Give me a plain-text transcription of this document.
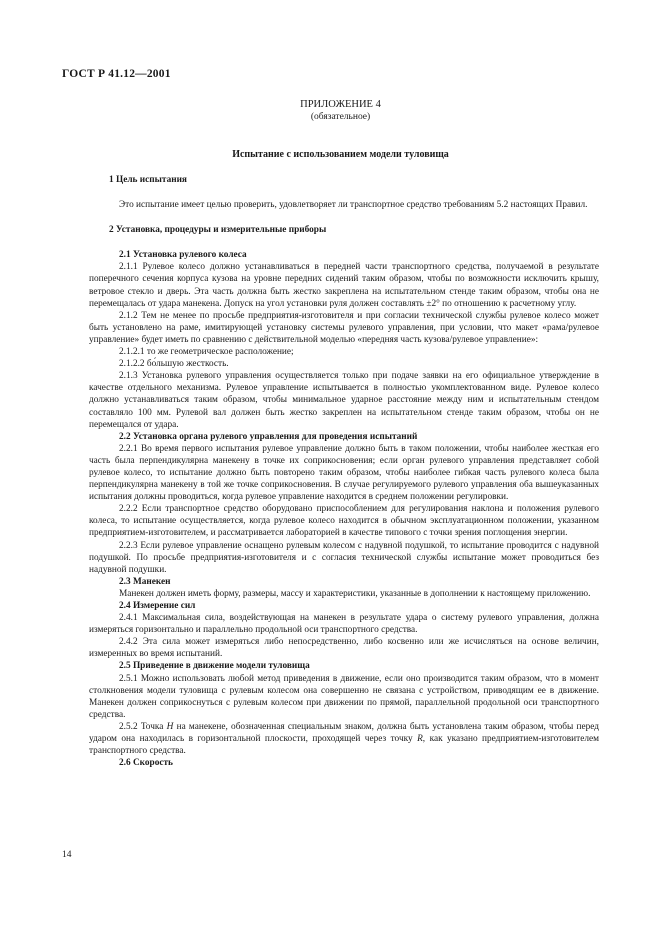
ГОСТ Р 41.12—2001
ПРИЛОЖЕНИЕ 4
(обязательное)
Испытание с использованием модели туловища

1 Цель испытания

Это испытание имеет целью проверить, удовлетворяет ли транспортное средство требованиям 5.2 настоящих Правил.

2 Установка, процедуры и измерительные приборы

2.1 Установка рулевого колеса

2.1.1 Рулевое колесо должно устанавливаться в передней части транспортного средства, получаемой в результате поперечного сечения корпуса кузова на уровне передних сидений таким образом, чтобы по возможности исключить крышу, ветровое стекло и дверь. Эта часть должна быть жестко закреплена на испытательном стенде таким образом, чтобы она не перемещалась от удара манекена. Допуск на угол установки руля должен составлять ±2° по отношению к расчетному углу.

2.1.2 Тем не менее по просьбе предприятия-изготовителя и при согласии технической службы рулевое колесо может быть установлено на раме, имитирующей установку системы рулевого управления, при условии, что макет «рама/рулевое управление» будет иметь по сравнению с действительной моделью «передняя часть кузова/рулевое управление»:

2.1.2.1 то же геометрическое расположение;

2.1.2.2 бо́льшую жесткость.

2.1.3 Установка рулевого управления осуществляется только при подаче заявки на его официальное утверждение в качестве отдельного механизма. Рулевое управление испытывается в полностью укомплектованном виде. Рулевое колесо должно устанавливаться таким образом, чтобы минимальное ударное расстояние между ним и испытательным стендом составляло 100 мм. Рулевой вал должен быть жестко закреплен на испытательном стенде таким образом, чтобы он не перемещался от удара.

2.2 Установка органа рулевого управления для проведения испытаний

2.2.1 Во время первого испытания рулевое управление должно быть в таком положении, чтобы наиболее жесткая его часть была перпендикулярна манекену в точке их соприкосновения; если орган рулевого управления представляет собой рулевое колесо, то испытание должно быть повторено таким образом, чтобы наиболее гибкая часть рулевого колеса была перпендикулярна манекену в той же точке соприкосновения. В случае регулируемого рулевого управления оба вышеуказанных испытания должны проводиться, когда рулевое управление находится в среднем положении регулировки.

2.2.2 Если транспортное средство оборудовано приспособлением для регулирования наклона и положения рулевого колеса, то испытание осуществляется, когда рулевое колесо находится в обычном эксплуатационном положении, указанном предприятием-изготовителем, и рассматривается лабораторией в качестве типового с точки зрения поглощения энергии.

2.2.3 Если рулевое управление оснащено рулевым колесом с надувной подушкой, то испытание проводится с надувной подушкой. По просьбе предприятия-изготовителя и с согласия технической службы испытание может проводиться без надувной подушки.

2.3 Манекен

Манекен должен иметь форму, размеры, массу и характеристики, указанные в дополнении к настоящему приложению.

2.4 Измерение сил

2.4.1 Максимальная сила, воздействующая на манекен в результате удара о систему рулевого управления, должна измеряться горизонтально и параллельно продольной оси транспортного средства.

2.4.2 Эта сила может измеряться либо непосредственно, либо косвенно или же исчисляться на основе величин, измеренных во время испытаний.

2.5 Приведение в движение модели туловища

2.5.1 Можно использовать любой метод приведения в движение, если оно производится таким образом, что в момент столкновения модели туловища с рулевым колесом она совершенно не связана с устройством, приводящим ее в движение. Манекен должен соприкоснуться с рулевым колесом при движении по прямой, параллельной продольной оси транспортного средства.

2.5.2 Точка H на манекене, обозначенная специальным знаком, должна быть установлена таким образом, чтобы перед ударом она находилась в горизонтальной плоскости, проходящей через точку R, как указано предприятием-изготовителем транспортного средства.

2.6 Скорость

14
